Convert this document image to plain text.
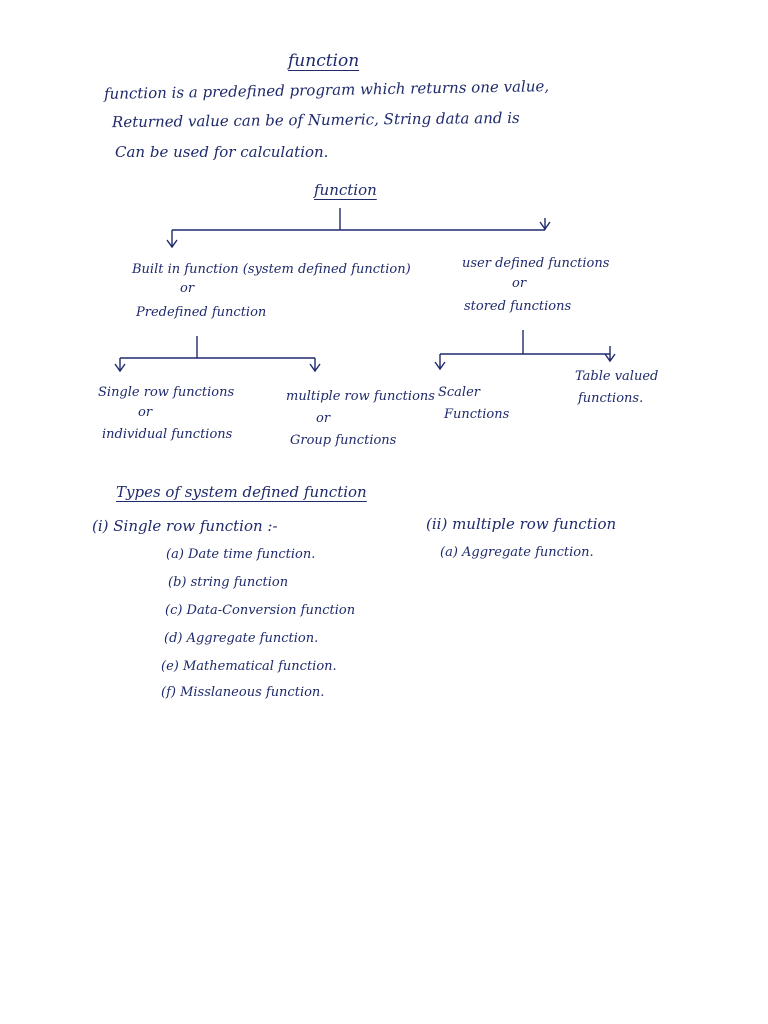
function
function is a predefined program which returns one value,
Returned value can be of Numeric, String data and is
Can be used for calculation.
function
Built in function (system defined function)
or
Predefined function
user defined functions
or
stored functions
Single row functions
or
individual functions
multiple row functions
or
Group functions
Scaler
Functions
Table valued
functions.
Types of system defined function
(i) Single row function :-
(a) Date time function.
(b) string function
(c) Data-Conversion function
(d) Aggregate function.
(e) Mathematical function.
(f) Misslaneous function.
(ii) multiple row function
(a) Aggregate function.
